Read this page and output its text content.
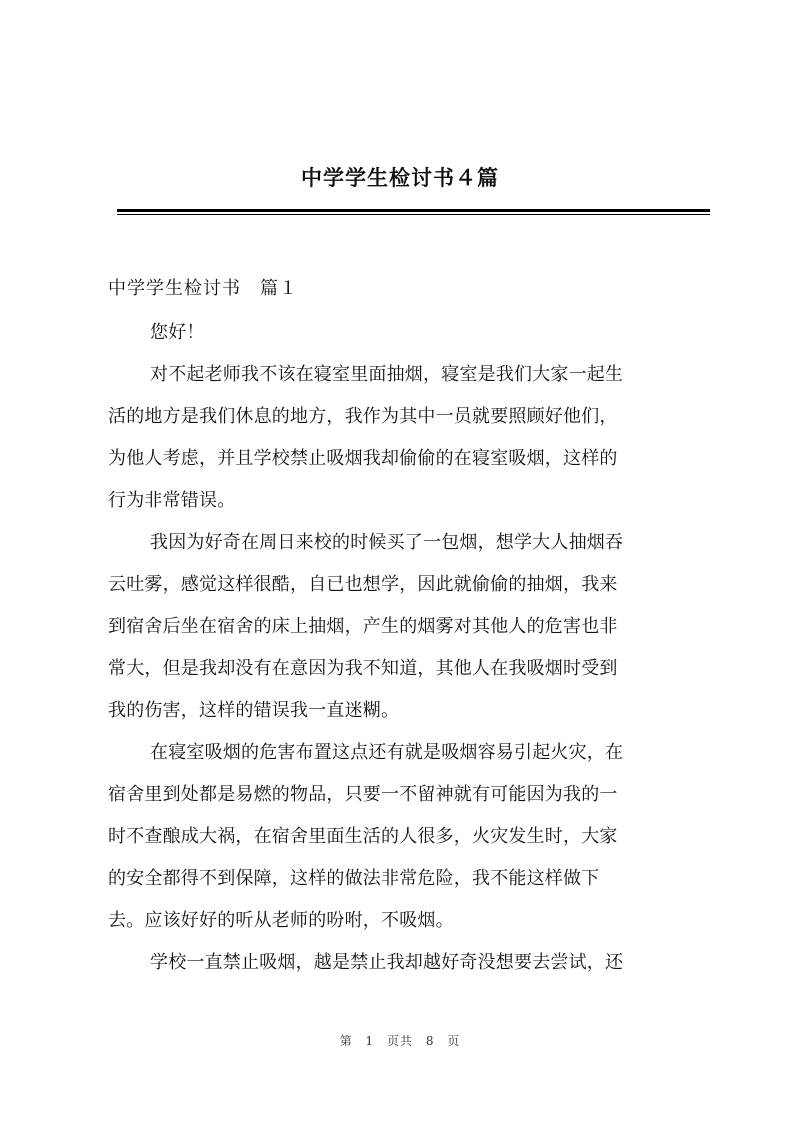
中学学生检讨书４篇
中学学生检讨书　篇１
您好！
对不起老师我不该在寝室里面抽烟，寝室是我们大家一起生
活的地方是我们休息的地方，我作为其中一员就要照顾好他们，
为他人考虑，并且学校禁止吸烟我却偷偷的在寝室吸烟，这样的
行为非常错误。
我因为好奇在周日来校的时候买了一包烟，想学大人抽烟吞
云吐雾，感觉这样很酷，自已也想学，因此就偷偷的抽烟，我来
到宿舍后坐在宿舍的床上抽烟，产生的烟雾对其他人的危害也非
常大，但是我却没有在意因为我不知道，其他人在我吸烟时受到
我的伤害，这样的错误我一直迷糊。
在寝室吸烟的危害布置这点还有就是吸烟容易引起火灾，在
宿舍里到处都是易燃的物品，只要一不留神就有可能因为我的一
时不查酿成大祸，在宿舍里面生活的人很多，火灾发生时，大家
的安全都得不到保障，这样的做法非常危险，我不能这样做下
去。应该好好的听从老师的吩咐，不吸烟。
学校一直禁止吸烟，越是禁止我却越好奇没想要去尝试，还
第 1 页共 8 页
